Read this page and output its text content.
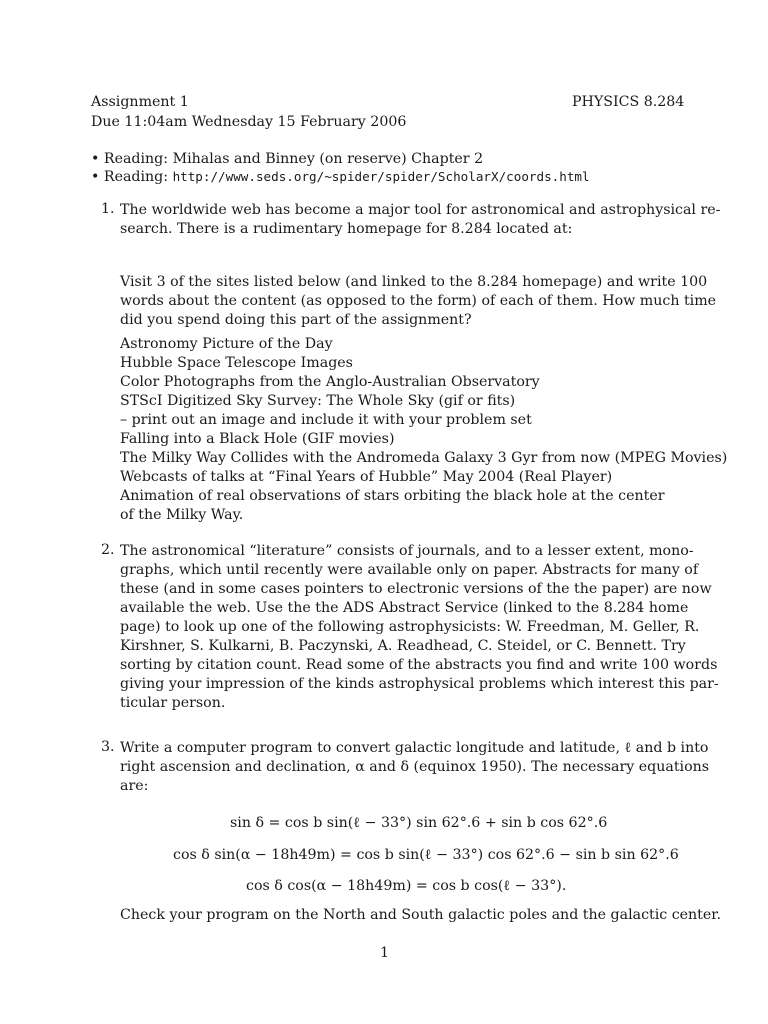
Assignment 1	PHYSICS 8.284
Due 11:04am Wednesday 15 February 2006
• Reading: Mihalas and Binney (on reserve) Chapter 2
• Reading: http://www.seds.org/~spider/spider/ScholarX/coords.html
1. The worldwide web has become a major tool for astronomical and astrophysical re-
search. There is a rudimentary homepage for 8.284 located at:
Visit 3 of the sites listed below (and linked to the 8.284 homepage) and write 100
words about the content (as opposed to the form) of each of them. How much time
did you spend doing this part of the assignment?
Astronomy Picture of the Day
Hubble Space Telescope Images
Color Photographs from the Anglo-Australian Observatory
STScI Digitized Sky Survey: The Whole Sky (gif or fits)
– print out an image and include it with your problem set
Falling into a Black Hole (GIF movies)
The Milky Way Collides with the Andromeda Galaxy 3 Gyr from now (MPEG Movies)
Webcasts of talks at “Final Years of Hubble” May 2004 (Real Player)
Animation of real observations of stars orbiting the black hole at the center
of the Milky Way.
2. The astronomical “literature” consists of journals, and to a lesser extent, mono-
graphs, which until recently were available only on paper. Abstracts for many of
these (and in some cases pointers to electronic versions of the the paper) are now
available the web. Use the the ADS Abstract Service (linked to the 8.284 home
page) to look up one of the following astrophysicists: W. Freedman, M. Geller, R.
Kirshner, S. Kulkarni, B. Paczynski, A. Readhead, C. Steidel, or C. Bennett. Try
sorting by citation count. Read some of the abstracts you find and write 100 words
giving your impression of the kinds astrophysical problems which interest this par-
ticular person.
3. Write a computer program to convert galactic longitude and latitude, ℓ and b into
right ascension and declination, α and δ (equinox 1950). The necessary equations
are:
sin δ = cos b sin(ℓ − 33°) sin 62°.6 + sin b cos 62°.6
cos δ sin(α − 18h49m) = cos b sin(ℓ − 33°) cos 62°.6 − sin b sin 62°.6
cos δ cos(α − 18h49m) = cos b cos(ℓ − 33°).
Check your program on the North and South galactic poles and the galactic center.
1
